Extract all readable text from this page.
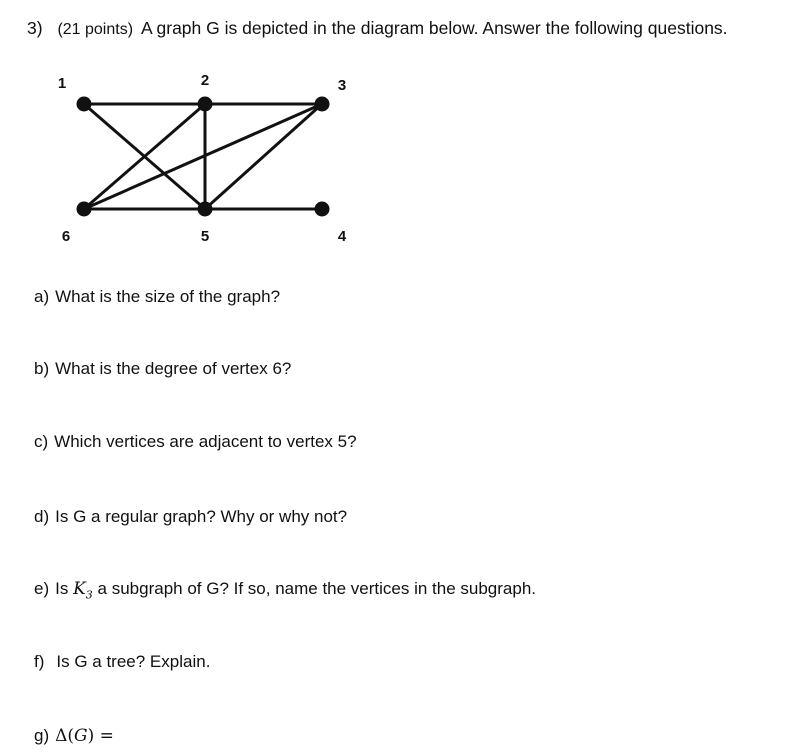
3) (21 points) A graph G is depicted in the diagram below. Answer the following questions.
1	2	3
4
5
6
a) What is the size of the graph?
b) What is the degree of vertex 6?
c) Which vertices are adjacent to vertex 5?
d) Is G a regular graph? Why or why not?
e) Is $K_3$ a subgraph of G? If so, name the vertices in the subgraph.
f) Is G a tree? Explain.
g) Δ(G) =
